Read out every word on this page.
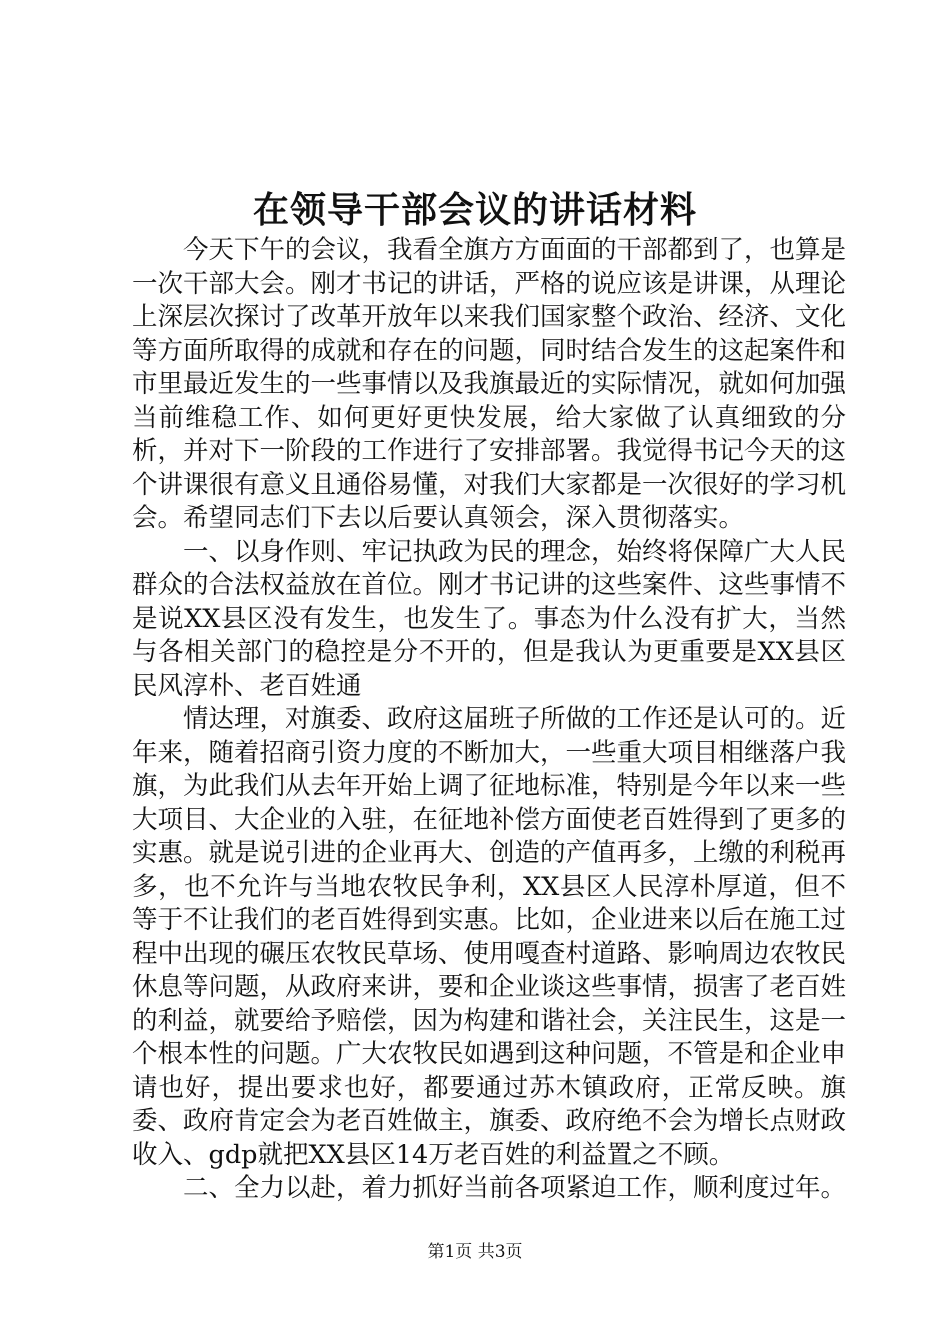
在领导干部会议的讲话材料

今天下午的会议，我看全旗方方面面的干部都到了，也算是一次干部大会。刚才书记的讲话，严格的说应该是讲课，从理论上深层次探讨了改革开放年以来我们国家整个政治、经济、文化等方面所取得的成就和存在的问题，同时结合发生的这起案件和市里最近发生的一些事情以及我旗最近的实际情况，就如何加强当前维稳工作、如何更好更快发展，给大家做了认真细致的分析，并对下一阶段的工作进行了安排部署。我觉得书记今天的这个讲课很有意义且通俗易懂，对我们大家都是一次很好的学习机会。希望同志们下去以后要认真领会，深入贯彻落实。

一、以身作则、牢记执政为民的理念，始终将保障广大人民群众的合法权益放在首位。刚才书记讲的这些案件、这些事情不是说XX县区没有发生，也发生了。事态为什么没有扩大，当然与各相关部门的稳控是分不开的，但是我认为更重要是XX县区民风淳朴、老百姓通

情达理，对旗委、政府这届班子所做的工作还是认可的。近年来，随着招商引资力度的不断加大，一些重大项目相继落户我旗，为此我们从去年开始上调了征地标准，特别是今年以来一些大项目、大企业的入驻，在征地补偿方面使老百姓得到了更多的实惠。就是说引进的企业再大、创造的产值再多，上缴的利税再多，也不允许与当地农牧民争利，XX县区人民淳朴厚道，但不等于不让我们的老百姓得到实惠。比如，企业进来以后在施工过程中出现的碾压农牧民草场、使用嘎查村道路、影响周边农牧民休息等问题，从政府来讲，要和企业谈这些事情，损害了老百姓的利益，就要给予赔偿，因为构建和谐社会，关注民生，这是一个根本性的问题。广大农牧民如遇到这种问题，不管是和企业申请也好，提出要求也好，都要通过苏木镇政府，正常反映。旗委、政府肯定会为老百姓做主，旗委、政府绝不会为增长点财政收入、gdp就把XX县区14万老百姓的利益置之不顾。

二、全力以赴，着力抓好当前各项紧迫工作，顺利度过年。

第1页 共3页
